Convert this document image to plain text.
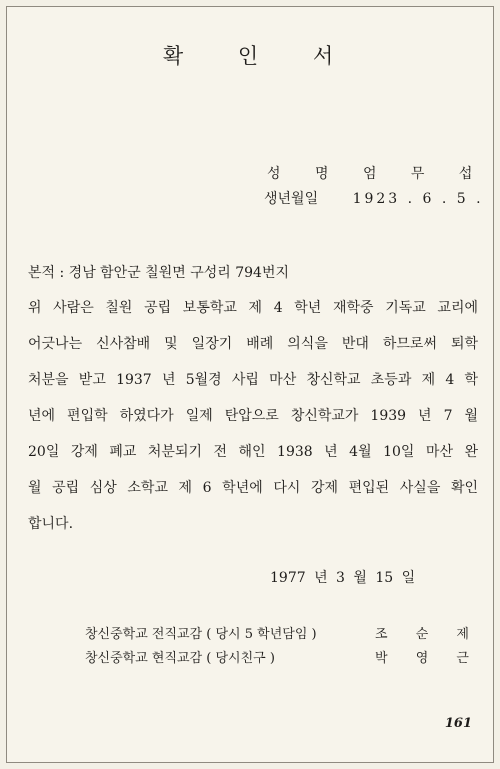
확 인 서
성 명 엄 무 섭
생년월일 1923 . 6 . 5 .
본적 : 경남 함안군 칠원면 구성리 794번지
위 사람은 칠원 공립 보통학교 제 4 학년 재학중 기독교 교리에
어긋나는 신사참배 및 일장기 배례 의식을 반대 하므로써 퇴학
처분을 받고 1937 년 5월경 사립 마산 창신학교 초등과 제 4 학
년에 편입학 하였다가 일제 탄압으로 창신학교가 1939 년 7 월
20일 강제 폐교 처분되기 전 해인 1938 년 4월 10일 마산 완
월 공립 심상 소학교 제 6 학년에 다시 강제 편입된 사실을 확인
합니다.
1977 년 3 월 15 일
창신중학교 전직교감 ( 당시 5 학년담임 )	조 순 제
창신중학교 현직교감 ( 당시친구 )	박 영 근
161
